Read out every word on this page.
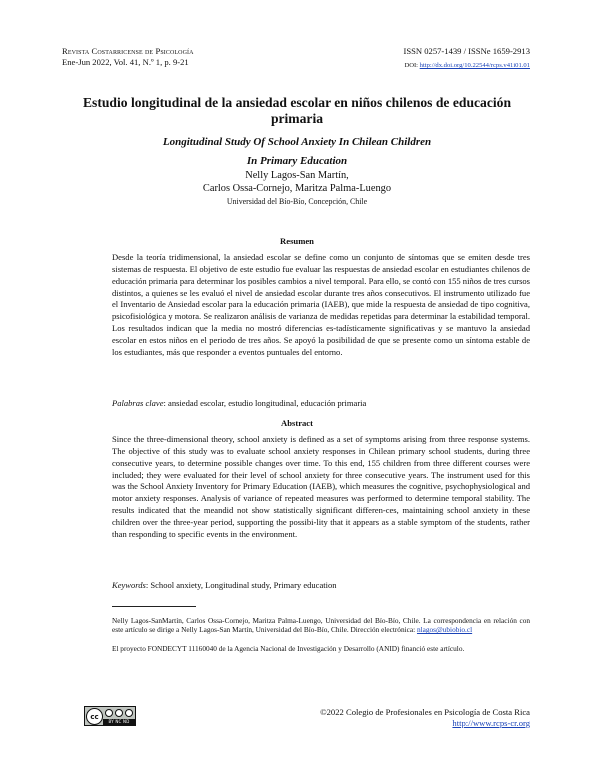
Revista Costarricense de Psicología
Ene-Jun 2022, Vol. 41, N.º 1, p. 9-21
ISSN 0257-1439 / ISSNe 1659-2913
DOI: http://dx.doi.org/10.22544/rcps.v41i01.01
Estudio longitudinal de la ansiedad escolar en niños chilenos de educación primaria
Longitudinal Study Of School Anxiety In Chilean Children
In Primary Education
Nelly Lagos-San Martín,
Carlos Ossa-Cornejo, Maritza Palma-Luengo
Universidad del Bío-Bío, Concepción, Chile
Resumen
Desde la teoría tridimensional, la ansiedad escolar se define como un conjunto de síntomas que se emiten desde tres sistemas de respuesta. El objetivo de este estudio fue evaluar las respuestas de ansiedad escolar en estudiantes chilenos de educación primaria para determinar los posibles cambios a nivel temporal. Para ello, se contó con 155 niños de tres cursos distintos, a quienes se les evaluó el nivel de ansiedad escolar durante tres años consecutivos. El instrumento utilizado fue el Inventario de Ansiedad escolar para la educación primaria (IAEB), que mide la respuesta de ansiedad de tipo cognitiva, psicofisiológica y motora. Se realizaron análisis de varianza de medidas repetidas para determinar la estabilidad temporal. Los resultados indican que la media no mostró diferencias es-tadísticamente significativas y se mantuvo la ansiedad escolar en estos niños en el periodo de tres años. Se apoyó la posibilidad de que se presente como un síntoma estable de los estudiantes, más que responder a eventos puntuales del entorno.
Palabras clave: ansiedad escolar, estudio longitudinal, educación primaria
Abstract
Since the three-dimensional theory, school anxiety is defined as a set of symptoms arising from three response systems. The objective of this study was to evaluate school anxiety responses in Chilean primary school students, during three consecutive years, to determine possible changes over time. To this end, 155 children from three different courses were included; they were evaluated for their level of school anxiety for three consecutive years. The instrument used for this was the School Anxiety Inventory for Primary Education (IAEB), which measures the cognitive, psychophysiological and motor anxiety responses. Analysis of variance of repeated measures was performed to determine temporal stability. The results indicated that the meandid not show statistically significant differen-ces, maintaining school anxiety in these children over the three-year period, supporting the possibi-lity that it appears as a stable symptom of the students, rather than responding to specific events in the environment.
Keywords: School anxiety, Longitudinal study, Primary education
Nelly Lagos-SanMartín, Carlos Ossa-Cornejo, Maritza Palma-Luengo, Universidad del Bío-Bío, Chile. La correspondencia en relación con este artículo se dirige a Nelly Lagos-San Martín, Universidad del Bío-Bío, Chile. Dirección electrónica: nlagos@ubiobio.cl
El proyecto FONDECYT 11160040 de la Agencia Nacional de Investigación y Desarrollo (ANID) financió este artículo.
cc
BY NC ND
©2022 Colegio de Profesionales en Psicología de Costa Rica
http://www.rcps-cr.org
